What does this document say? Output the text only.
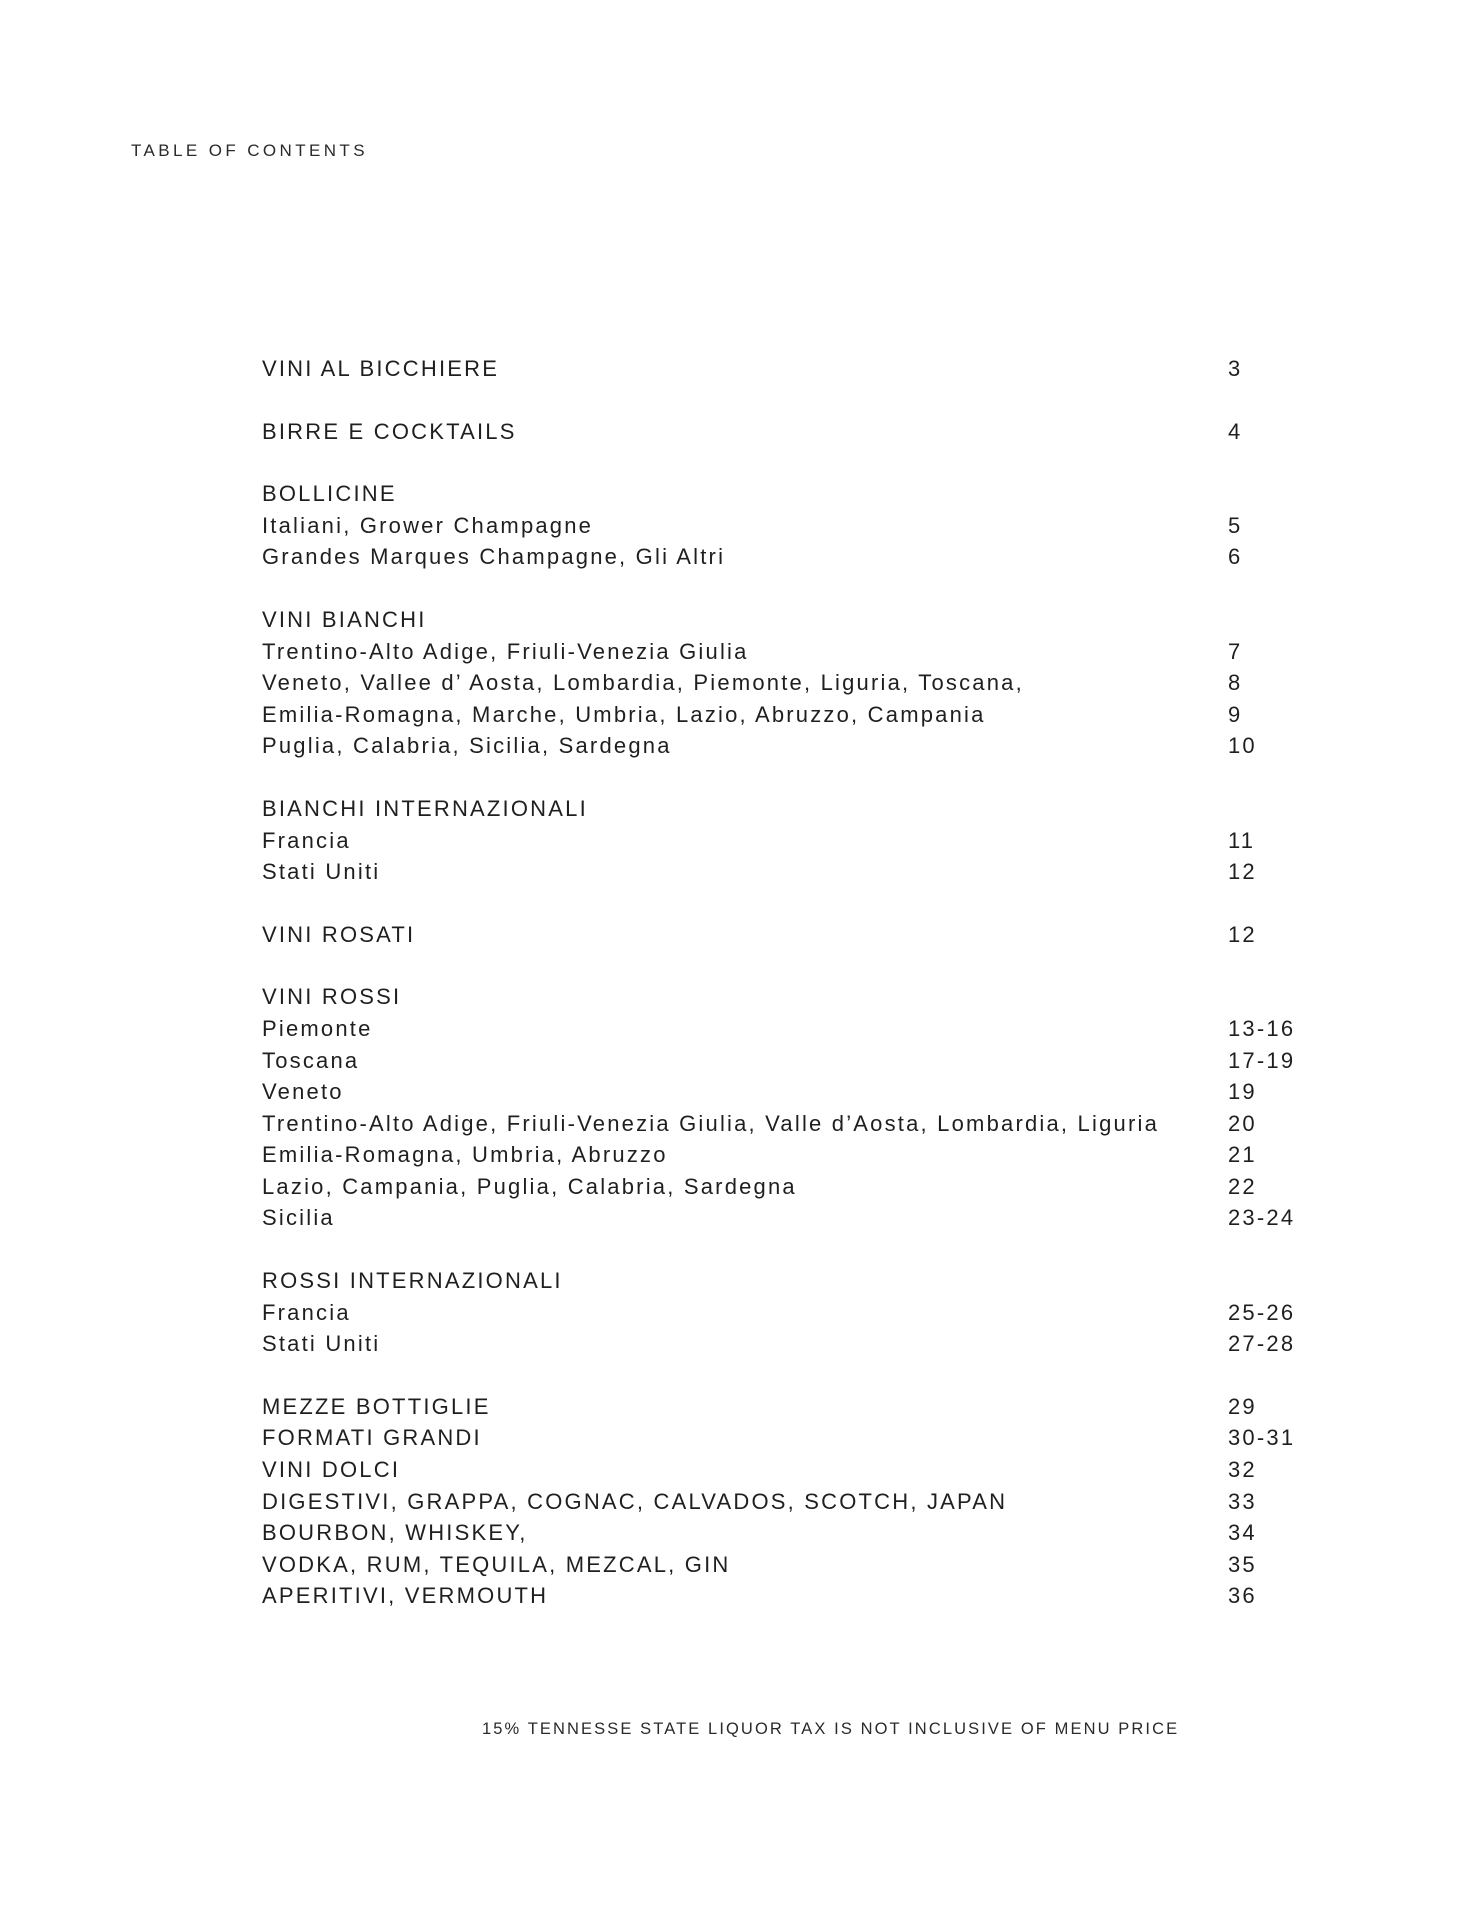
TABLE OF CONTENTS
VINI AL BICCHIERE	3
BIRRE E COCKTAILS	4
BOLLICINE
Italiani, Grower Champagne	5
Grandes Marques Champagne, Gli Altri	6
VINI BIANCHI
Trentino-Alto Adige, Friuli-Venezia Giulia	7
Veneto, Vallee d’ Aosta, Lombardia, Piemonte, Liguria, Toscana,	8
Emilia-Romagna, Marche, Umbria, Lazio, Abruzzo, Campania	9
Puglia, Calabria, Sicilia, Sardegna	10
BIANCHI INTERNAZIONALI
Francia	11
Stati Uniti	12
VINI ROSATI	12
VINI ROSSI
Piemonte	13-16
Toscana	17-19
Veneto	19
Trentino-Alto Adige, Friuli-Venezia Giulia, Valle d’Aosta, Lombardia, Liguria	20
Emilia-Romagna, Umbria, Abruzzo	21
Lazio, Campania, Puglia, Calabria, Sardegna	22
Sicilia	23-24
ROSSI INTERNAZIONALI
Francia	25-26
Stati Uniti	27-28
MEZZE BOTTIGLIE	29
FORMATI GRANDI	30-31
VINI DOLCI	32
DIGESTIVI, GRAPPA, COGNAC, CALVADOS, SCOTCH, JAPAN	33
BOURBON, WHISKEY,	34
VODKA, RUM, TEQUILA, MEZCAL, GIN	35
APERITIVI, VERMOUTH	36
15% TENNESSE STATE LIQUOR TAX IS NOT INCLUSIVE OF MENU PRICE
